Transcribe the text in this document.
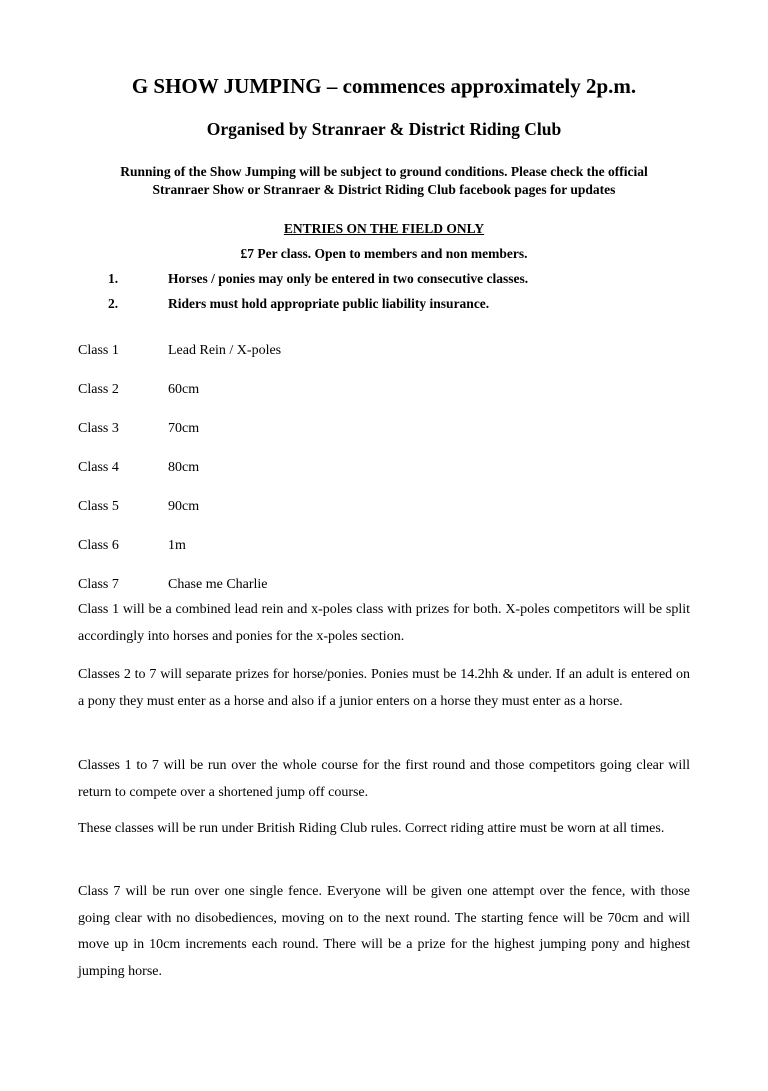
G SHOW JUMPING – commences approximately 2p.m.
Organised by Stranraer & District Riding Club
Running of the Show Jumping will be subject to ground conditions. Please check the official
Stranraer Show or Stranraer & District Riding Club facebook pages for updates
ENTRIES ON THE FIELD ONLY
£7 Per class. Open to members and non members.
1.	Horses / ponies may only be entered in two consecutive classes.
2.	Riders must hold appropriate public liability insurance.
Class 1	Lead Rein / X-poles
Class 2	60cm
Class 3	70cm
Class 4	80cm
Class 5	90cm
Class 6	1m
Class 7	Chase me Charlie
Class 1 will be a combined lead rein and x-poles class with prizes for both. X-poles competitors will be split accordingly into horses and ponies for the x-poles section.
Classes 2 to 7 will separate prizes for horse/ponies. Ponies must be 14.2hh & under. If an adult is entered on a pony they must enter as a horse and also if a junior enters on a horse they must enter as a horse.
Classes 1 to 7 will be run over the whole course for the first round and those competitors going clear will return to compete over a shortened jump off course.
These classes will be run under British Riding Club rules. Correct riding attire must be worn at all times.
Class 7 will be run over one single fence. Everyone will be given one attempt over the fence, with those going clear with no disobediences, moving on to the next round. The starting fence will be 70cm and will move up in 10cm increments each round. There will be a prize for the highest jumping pony and highest jumping horse.
